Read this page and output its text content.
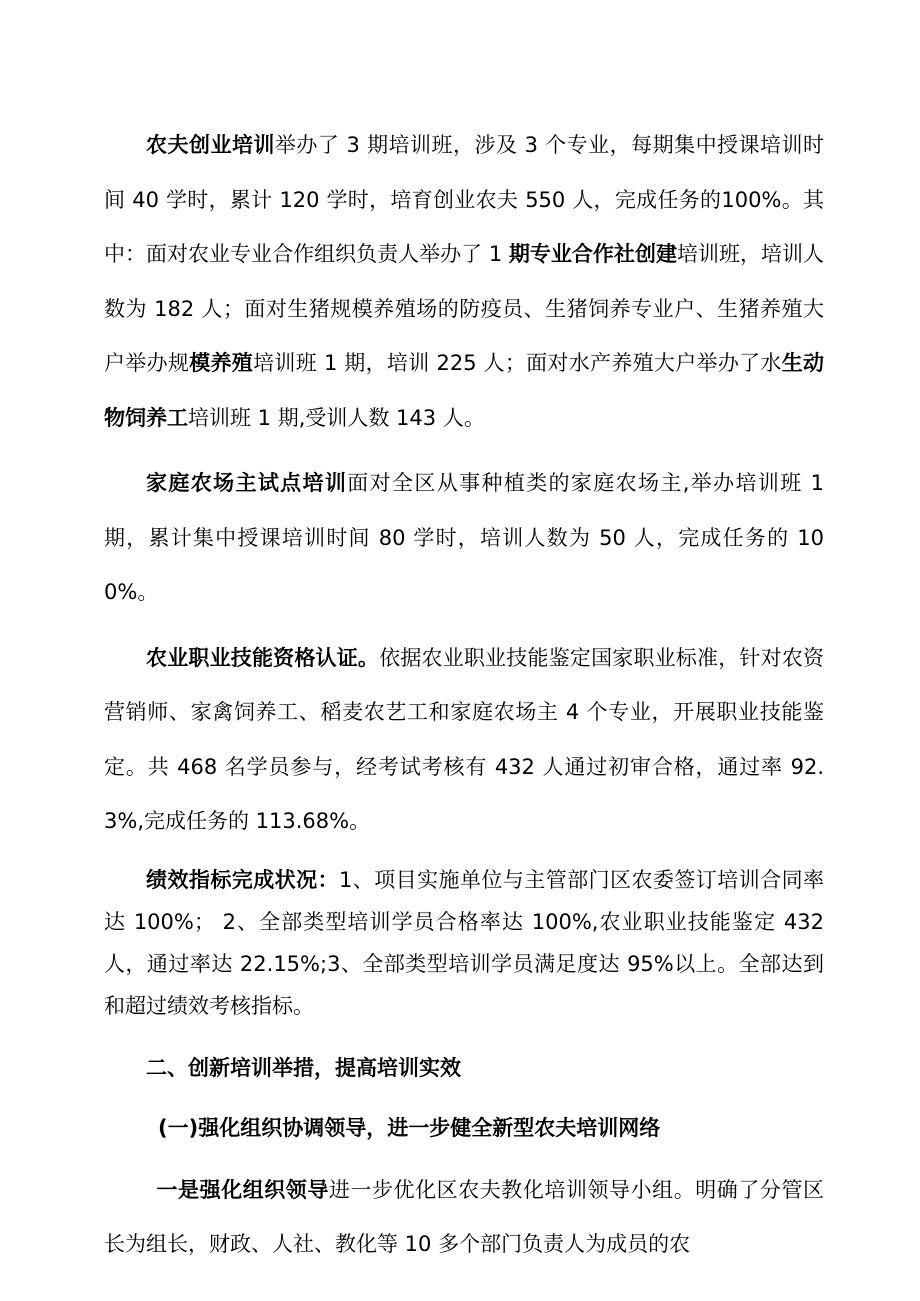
农夫创业培训举办了 3 期培训班，涉及 3 个专业，每期集中授课培训时间 40 学时，累计 120 学时，培育创业农夫 550 人，完成任务的100%。其中：面对农业专业合作组织负责人举办了 1 期专业合作社创建培训班，培训人数为 182 人；面对生猪规模养殖场的防疫员、生猪饲养专业户、生猪养殖大户举办规模养殖培训班 1 期，培训 225 人；面对水产养殖大户举办了水生动物饲养工培训班 1 期,受训人数 143 人。

家庭农场主试点培训面对全区从事种植类的家庭农场主,举办培训班 1 期，累计集中授课培训时间 80 学时，培训人数为 50 人，完成任务的 100%。

农业职业技能资格认证。依据农业职业技能鉴定国家职业标准，针对农资营销师、家禽饲养工、稻麦农艺工和家庭农场主 4 个专业，开展职业技能鉴定。共 468 名学员参与，经考试考核有 432 人通过初审合格，通过率 92.3%,完成任务的 113.68%。

绩效指标完成状况：1、项目实施单位与主管部门区农委签订培训合同率达 100%； 2、全部类型培训学员合格率达 100%,农业职业技能鉴定 432 人，通过率达 22.15%;3、全部类型培训学员满足度达 95%以上。全部达到和超过绩效考核指标。

二、创新培训举措，提高培训实效

(一)强化组织协调领导，进一步健全新型农夫培训网络

一是强化组织领导进一步优化区农夫教化培训领导小组。明确了分管区长为组长，财政、人社、教化等 10 多个部门负责人为成员的农
